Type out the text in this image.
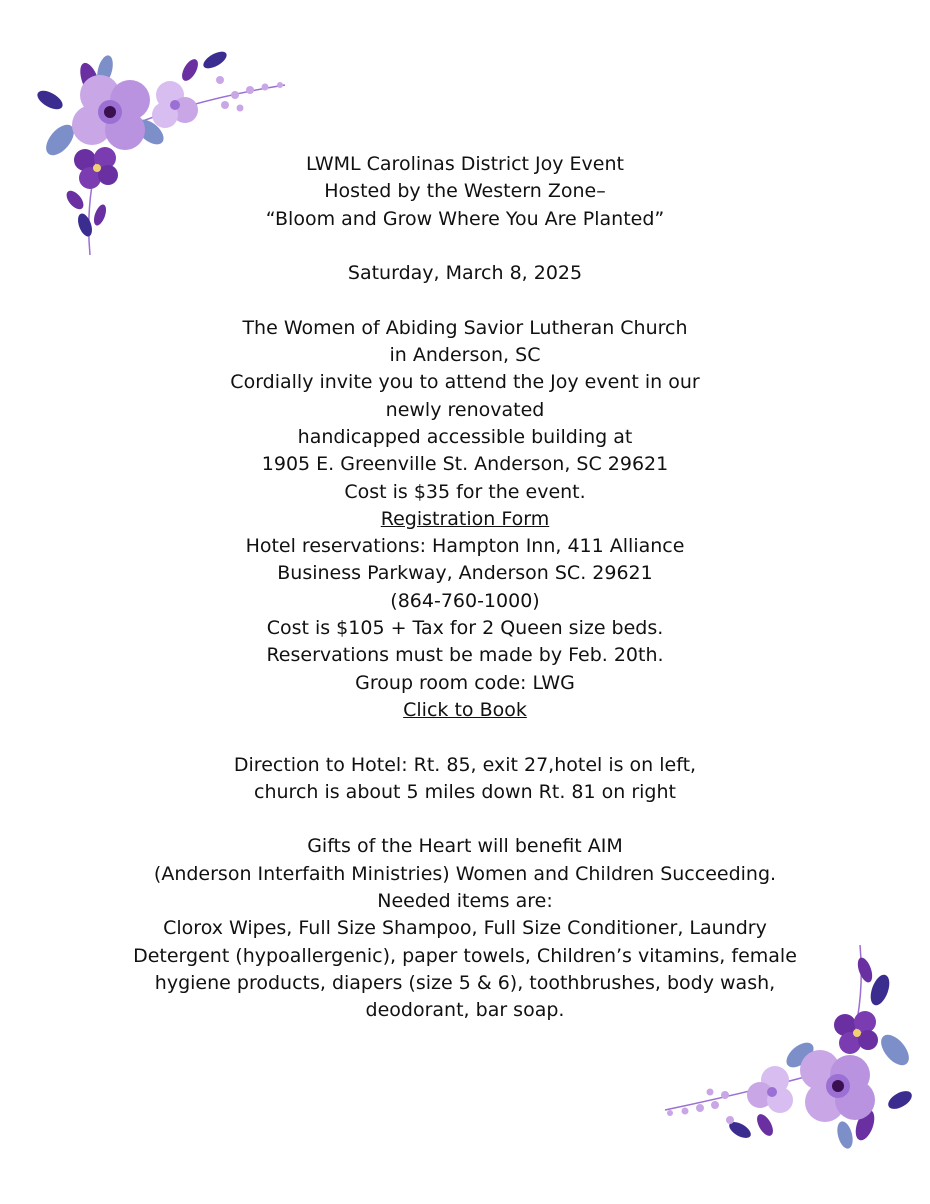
LWML Carolinas District Joy Event
Hosted by the Western Zone–
“Bloom and Grow Where You Are Planted”
Saturday, March 8, 2025
The Women of Abiding Savior Lutheran Church
in Anderson, SC
Cordially invite you to attend the Joy event in our
newly renovated
handicapped accessible building at
1905 E. Greenville St. Anderson, SC 29621
Cost is $35 for the event.
Registration Form
Hotel reservations: Hampton Inn, 411 Alliance
Business Parkway, Anderson SC. 29621
(864-760-1000)
Cost is $105 + Tax for 2 Queen size beds.
Reservations must be made by Feb. 20th.
Group room code: LWG
Click to Book
Direction to Hotel: Rt. 85, exit 27,hotel is on left,
church is about 5 miles down Rt. 81 on right
Gifts of the Heart will benefit AIM
(Anderson Interfaith Ministries) Women and Children Succeeding.
Needed items are:
Clorox Wipes, Full Size Shampoo, Full Size Conditioner, Laundry
Detergent (hypoallergenic), paper towels, Children’s vitamins, female
hygiene products, diapers (size 5 & 6), toothbrushes, body wash,
deodorant, bar soap.
